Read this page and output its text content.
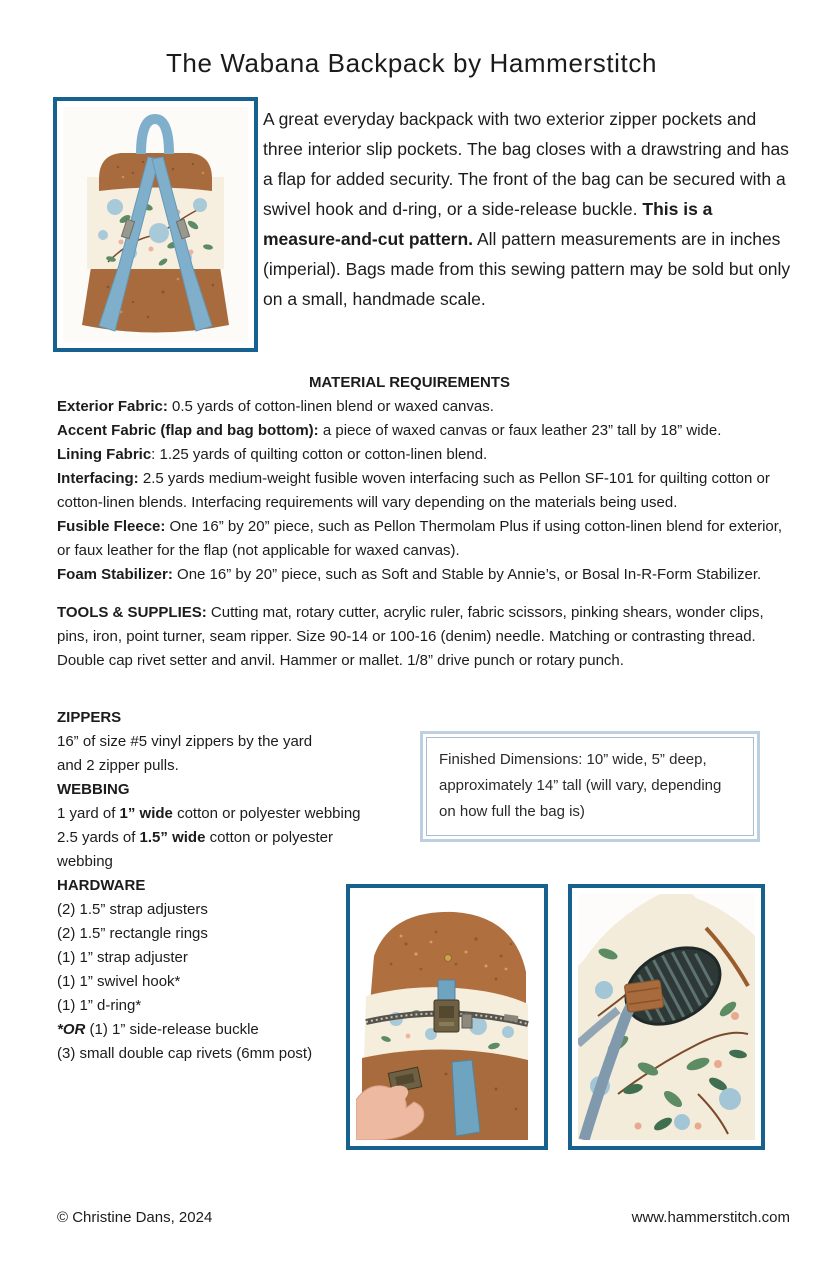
The Wabana Backpack by Hammerstitch
A great everyday backpack with two exterior zipper pockets and three interior slip pockets. The bag closes with a drawstring and has a flap for added security. The front of the bag can be secured with a swivel hook and d-ring, or a side-release buckle. This is a measure-and-cut pattern. All pattern measurements are in inches (imperial). Bags made from this sewing pattern may be sold but only on a small, handmade scale.
MATERIAL REQUIREMENTS

Exterior Fabric: 0.5 yards of cotton-linen blend or waxed canvas.

Accent Fabric (flap and bag bottom): a piece of waxed canvas or faux leather 23” tall by 18” wide.

Lining Fabric: 1.25 yards of quilting cotton or cotton-linen blend.

Interfacing: 2.5 yards medium-weight fusible woven interfacing such as Pellon SF-101 for quilting cotton or cotton-linen blends. Interfacing requirements will vary depending on the materials being used.

Fusible Fleece: One 16” by 20” piece, such as Pellon Thermolam Plus if using cotton-linen blend for exterior, or faux leather for the flap (not applicable for waxed canvas).

Foam Stabilizer: One 16” by 20” piece, such as Soft and Stable by Annie’s, or Bosal In-R-Form Stabilizer.

TOOLS & SUPPLIES: Cutting mat, rotary cutter, acrylic ruler, fabric scissors, pinking shears, wonder clips, pins, iron, point turner, seam ripper. Size 90-14 or 100-16 (denim) needle. Matching or contrasting thread. Double cap rivet setter and anvil. Hammer or mallet. 1/8” drive punch or rotary punch.

ZIPPERS
16” of size #5 vinyl zippers by the yard
and 2 zipper pulls.
WEBBING
1 yard of 1” wide cotton or polyester webbing
2.5 yards of 1.5” wide cotton or polyester
webbing
HARDWARE
(2) 1.5” strap adjusters
(2) 1.5” rectangle rings
(1) 1” strap adjuster
(1) 1” swivel hook*
(1) 1” d-ring*
*OR (1) 1” side-release buckle
(3) small double cap rivets (6mm post)
Finished Dimensions: 10” wide, 5” deep, approximately 14” tall (will vary, depending on how full the bag is)
© Christine Dans, 2024	www.hammerstitch.com
